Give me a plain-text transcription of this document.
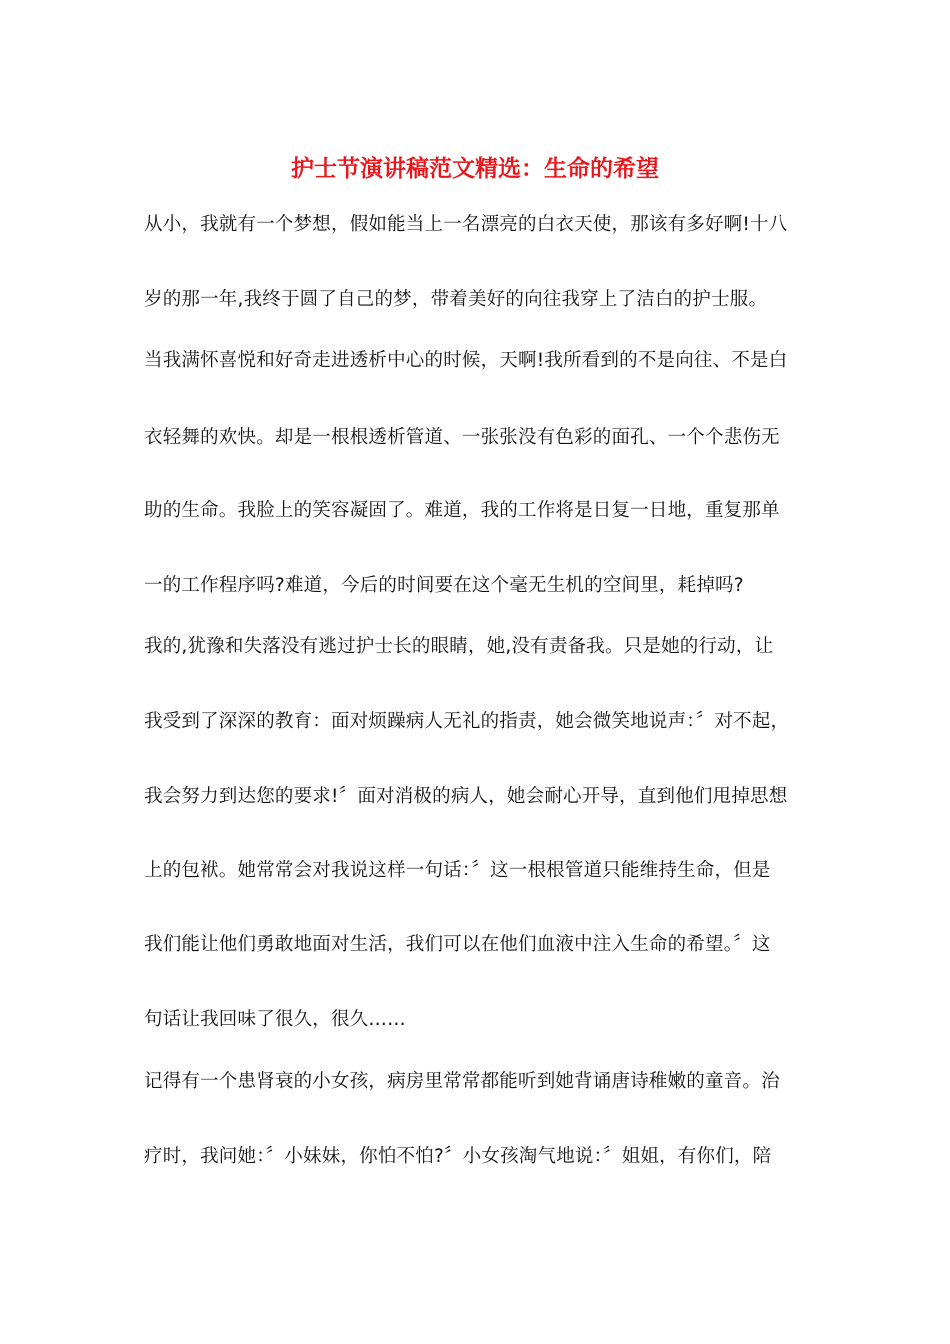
护士节演讲稿范文精选：生命的希望

从小，我就有一个梦想，假如能当上一名漂亮的白衣天使，那该有多好啊!十八

岁的那一年,我终于圆了自己的梦，带着美好的向往我穿上了洁白的护士服。

当我满怀喜悦和好奇走进透析中心的时候，天啊!我所看到的不是向往、不是白

衣轻舞的欢快。却是一根根透析管道、一张张没有色彩的面孔、一个个悲伤无

助的生命。我脸上的笑容凝固了。难道，我的工作将是日复一日地，重复那单

一的工作程序吗?难道，今后的时间要在这个毫无生机的空间里，耗掉吗?

我的,犹豫和失落没有逃过护士长的眼睛，她,没有责备我。只是她的行动，让

我受到了深深的教育：面对烦躁病人无礼的指责，她会微笑地说声：〞对不起，

我会努力到达您的要求!〞面对消极的病人，她会耐心开导，直到他们甩掉思想

上的包袱。她常常会对我说这样一句话：〞这一根根管道只能维持生命，但是

我们能让他们勇敢地面对生活，我们可以在他们血液中注入生命的希望。〞这

句话让我回味了很久，很久……

记得有一个患肾衰的小女孩，病房里常常都能听到她背诵唐诗稚嫩的童音。治

疗时，我问她：〞小妹妹，你怕不怕?〞小女孩淘气地说：〞姐姐，有你们，陪
